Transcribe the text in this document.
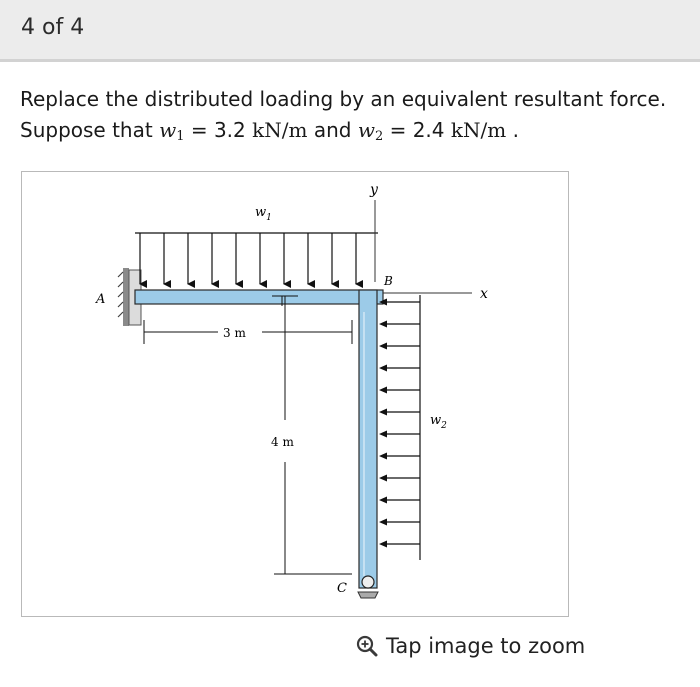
4 of 4
Replace the distributed loading by an equivalent resultant force.
Suppose that $w_1 = 3.2$ kN/m and $w_2 = 2.4$ kN/m .
y
x
A
B
C
$w_1$
$w_2$
3 m
4 m
Tap image to zoom
